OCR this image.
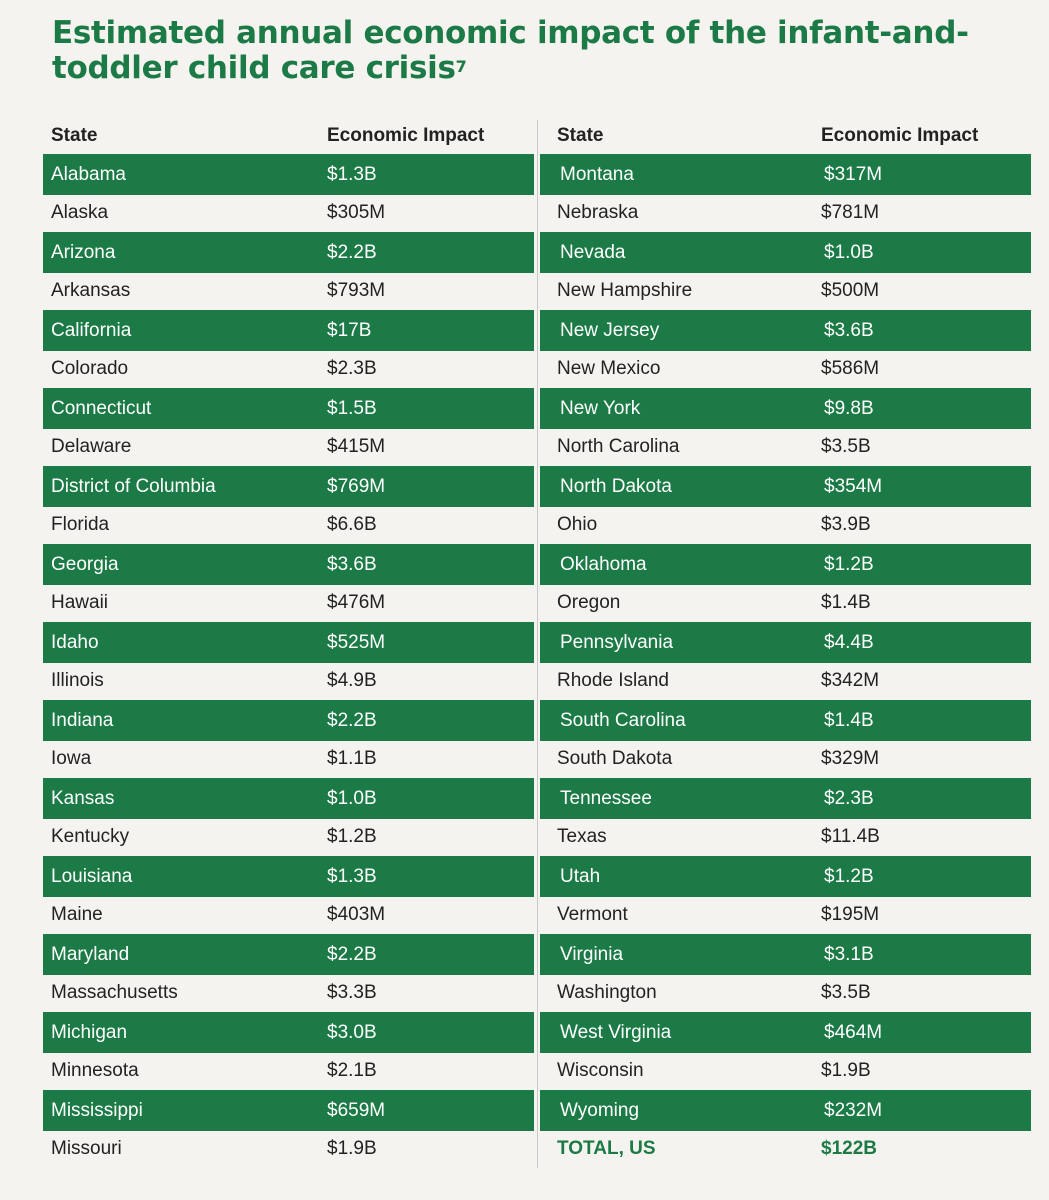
Estimated annual economic impact of the infant-and-toddler child care crisis$^7$
State	Economic Impact
Alabama	$1.3B
Alaska	$305M
Arizona	$2.2B
Arkansas	$793M
California	$17B
Colorado	$2.3B
Connecticut	$1.5B
Delaware	$415M
District of Columbia	$769M
Florida	$6.6B
Georgia	$3.6B
Hawaii	$476M
Idaho	$525M
Illinois	$4.9B
Indiana	$2.2B
Iowa	$1.1B
Kansas	$1.0B
Kentucky	$1.2B
Louisiana	$1.3B
Maine	$403M
Maryland	$2.2B
Massachusetts	$3.3B
Michigan	$3.0B
Minnesota	$2.1B
Mississippi	$659M
Missouri	$1.9B
State	Economic Impact
Montana	$317M
Nebraska	$781M
Nevada	$1.0B
New Hampshire	$500M
New Jersey	$3.6B
New Mexico	$586M
New York	$9.8B
North Carolina	$3.5B
North Dakota	$354M
Ohio	$3.9B
Oklahoma	$1.2B
Oregon	$1.4B
Pennsylvania	$4.4B
Rhode Island	$342M
South Carolina	$1.4B
South Dakota	$329M
Tennessee	$2.3B
Texas	$11.4B
Utah	$1.2B
Vermont	$195M
Virginia	$3.1B
Washington	$3.5B
West Virginia	$464M
Wisconsin	$1.9B
Wyoming	$232M
TOTAL, US	$122B
